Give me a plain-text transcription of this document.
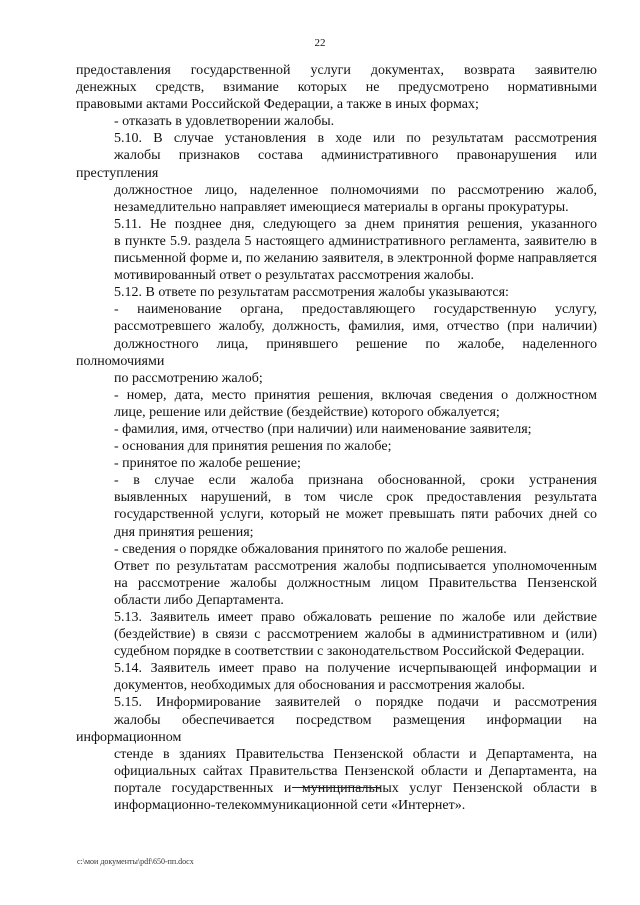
22

предоставления государственной услуги документах, возврата заявителю
денежных средств, взимание которых не предусмотрено нормативными
правовыми актами Российской Федерации, а также в иных формах;

- отказать в удовлетворении жалобы.

5.10. В случае установления в ходе или по результатам рассмотрения
жалобы признаков состава административного правонарушения или преступления
должностное лицо, наделенное полномочиями по рассмотрению жалоб,
незамедлительно направляет имеющиеся материалы в органы прокуратуры.

5.11. Не позднее дня, следующего за днем принятия решения, указанного
в пункте 5.9. раздела 5 настоящего административного регламента, заявителю в
письменной форме и, по желанию заявителя, в электронной форме направляется
мотивированный ответ о результатах рассмотрения жалобы.

5.12. В ответе по результатам рассмотрения жалобы указываются:

- наименование органа, предоставляющего государственную услугу,
рассмотревшего жалобу, должность, фамилия, имя, отчество (при наличии)
должностного лица, принявшего решение по жалобе, наделенного полномочиями
по рассмотрению жалоб;

- номер, дата, место принятия решения, включая сведения о должностном
лице, решение или действие (бездействие) которого обжалуется;

- фамилия, имя, отчество (при наличии) или наименование заявителя;

- основания для принятия решения по жалобе;

- принятое по жалобе решение;

- в случае если жалоба признана обоснованной, сроки устранения
выявленных нарушений, в том числе срок предоставления результата
государственной услуги, который не может превышать пяти рабочих дней со
дня принятия решения;

- сведения о порядке обжалования принятого по жалобе решения.

Ответ по результатам рассмотрения жалобы подписывается уполномоченным
на рассмотрение жалобы должностным лицом Правительства Пензенской
области либо Департамента.

5.13. Заявитель имеет право обжаловать решение по жалобе или действие
(бездействие) в связи с рассмотрением жалобы в административном и (или)
судебном порядке в соответствии с законодательством Российской Федерации.

5.14. Заявитель имеет право на получение исчерпывающей информации и
документов, необходимых для обоснования и рассмотрения жалобы.

5.15. Информирование заявителей о порядке подачи и рассмотрения
жалобы обеспечивается посредством размещения информации на информационном
стенде в зданиях Правительства Пензенской области и Департамента, на
официальных сайтах Правительства Пензенской области и Департамента, на
портале государственных и муниципальных услуг Пензенской области в
информационно-телекоммуникационной сети «Интернет».

c:\мои документы\pdf\650-пп.docx
